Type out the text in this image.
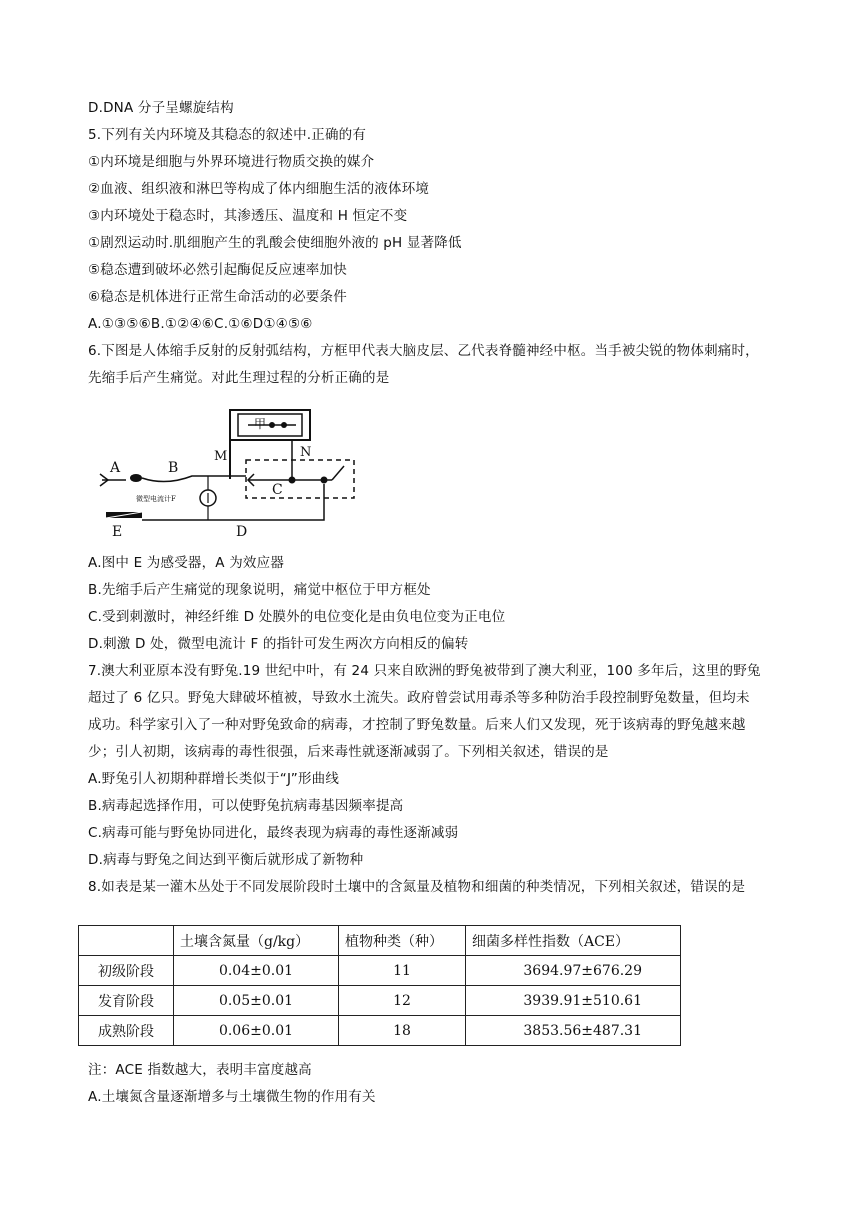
D.DNA 分子呈螺旋结构
5.下列有关内环境及其稳态的叙述中.正确的有
①内环境是细胞与外界环境进行物质交换的媒介
②血液、组织液和淋巴等构成了体内细胞生活的液体环境
③内环境处于稳态时，其渗透压、温度和 H 恒定不变
①剧烈运动时.肌细胞产生的乳酸会使细胞外液的 pH 显著降低
⑤稳态遭到破坏必然引起酶促反应速率加快
⑥稳态是机体进行正常生命活动的必要条件
A.①③⑤⑥B.①②④⑥C.①⑥D①④⑤⑥
6.下图是人体缩手反射的反射弧结构，方框甲代表大脑皮层、乙代表脊髓神经中枢。当手被尖锐的物体刺痛时，
先缩手后产生痛觉。对此生理过程的分析正确的是
甲
A	B
M	N
C
微型电流计F
E	D
A.图中 E 为感受器，A 为效应器
B.先缩手后产生痛觉的现象说明，痛觉中枢位于甲方框处
C.受到刺激时，神经纤维 D 处膜外的电位变化是由负电位变为正电位
D.刺激 D 处，微型电流计 F 的指针可发生两次方向相反的偏转
7.澳大利亚原本没有野兔.19 世纪中叶，有 24 只来自欧洲的野兔被带到了澳大利亚，100 多年后，这里的野兔
超过了 6 亿只。野兔大肆破坏植被，导致水土流失。政府曾尝试用毒杀等多种防治手段控制野兔数量，但均未
成功。科学家引入了一种对野兔致命的病毒，才控制了野兔数量。后来人们又发现，死于该病毒的野兔越来越
少；引人初期，该病毒的毒性很强，后来毒性就逐渐减弱了。下列相关叙述，错误的是
A.野兔引人初期种群增长类似于“J”形曲线
B.病毒起选择作用，可以使野兔抗病毒基因频率提高
C.病毒可能与野兔协同进化，最终表现为病毒的毒性逐渐减弱
D.病毒与野兔之间达到平衡后就形成了新物种
8.如表是某一灌木丛处于不同发展阶段时土壤中的含氮量及植物和细菌的种类情况，下列相关叙述，错误的是
	土壤含氮量（g/kg）	植物种类（种）	细菌多样性指数（ACE）
初级阶段	0.04±0.01	11	3694.97±676.29
发育阶段	0.05±0.01	12	3939.91±510.61
成熟阶段	0.06±0.01	18	3853.56±487.31
注：ACE 指数越大，表明丰富度越高
A.土壤氮含量逐渐增多与土壤微生物的作用有关
